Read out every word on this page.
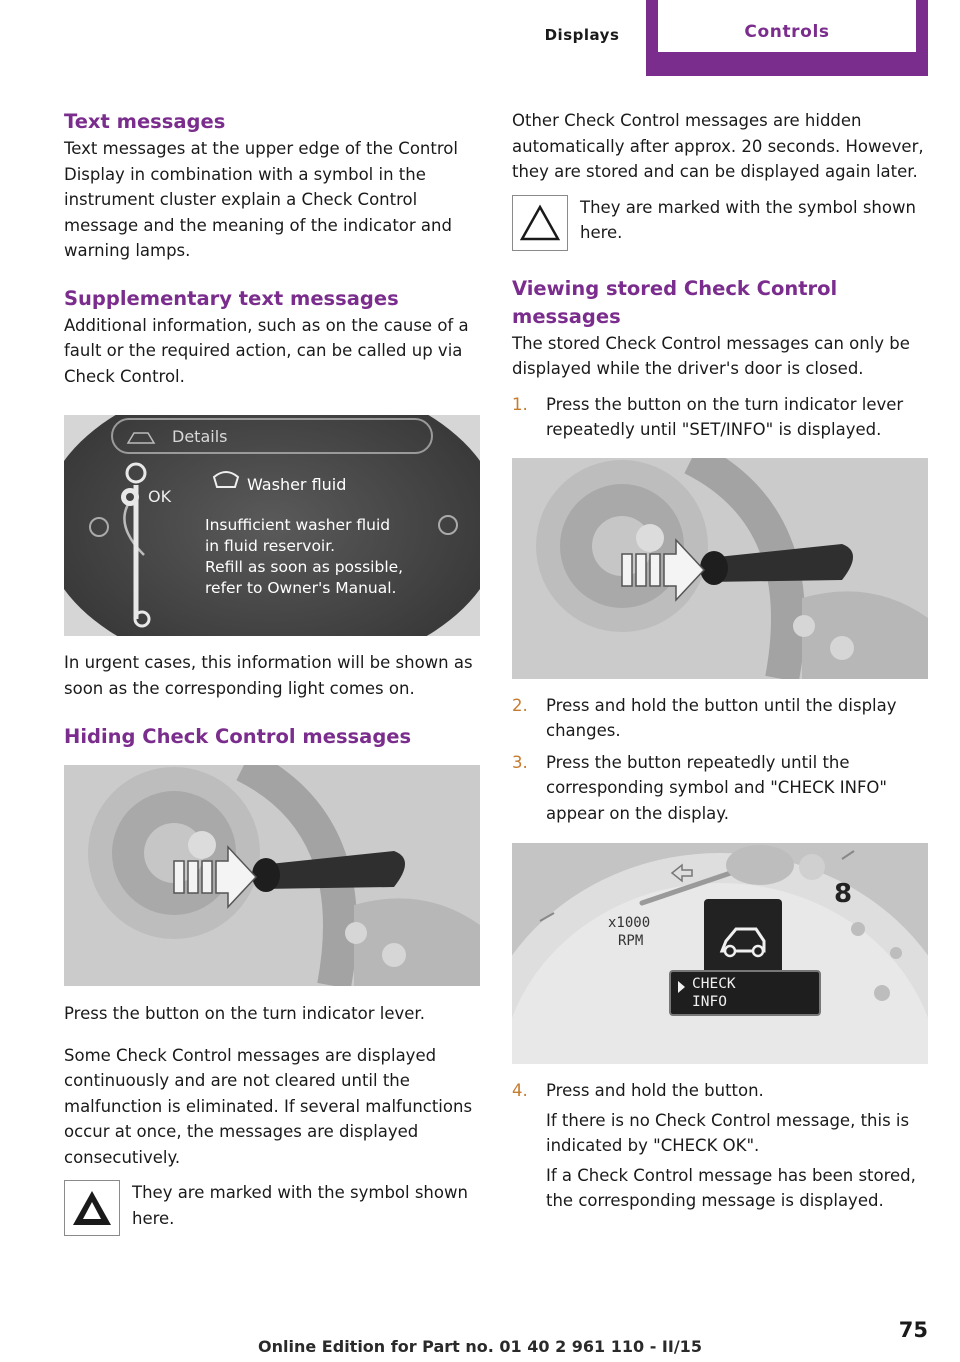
Displays	Controls
Text messages
Text messages at the upper edge of the Control Display in combination with a symbol in the instrument cluster explain a Check Control message and the meaning of the indicator and warning lamps.
Supplementary text messages
Additional information, such as on the cause of a fault or the required action, can be called up via Check Control.
Details
OK
Washer fluid
Insufficient washer fluid
in fluid reservoir.
Refill as soon as possible,
refer to Owner's Manual.
In urgent cases, this information will be shown as soon as the corresponding light comes on.
Hiding Check Control messages
Press the button on the turn indicator lever.
Some Check Control messages are displayed continuously and are not cleared until the malfunction is eliminated. If several malfunctions occur at once, the messages are displayed consecutively.
They are marked with the symbol shown here.
Other Check Control messages are hidden automatically after approx. 20 seconds. However, they are stored and can be displayed again later.
They are marked with the symbol shown here.
Viewing stored Check Control messages
The stored Check Control messages can only be displayed while the driver's door is closed.
1.	Press the button on the turn indicator lever repeatedly until "SET/INFO" is displayed.
2.	Press and hold the button until the display changes.
3.	Press the button repeatedly until the corresponding symbol and "CHECK INFO" appear on the display.
x1000
RPM
8
CHECK
INFO
4.	Press and hold the button.
If there is no Check Control message, this is indicated by "CHECK OK".
If a Check Control message has been stored, the corresponding message is displayed.
75
Online Edition for Part no. 01 40 2 961 110 - II/15
